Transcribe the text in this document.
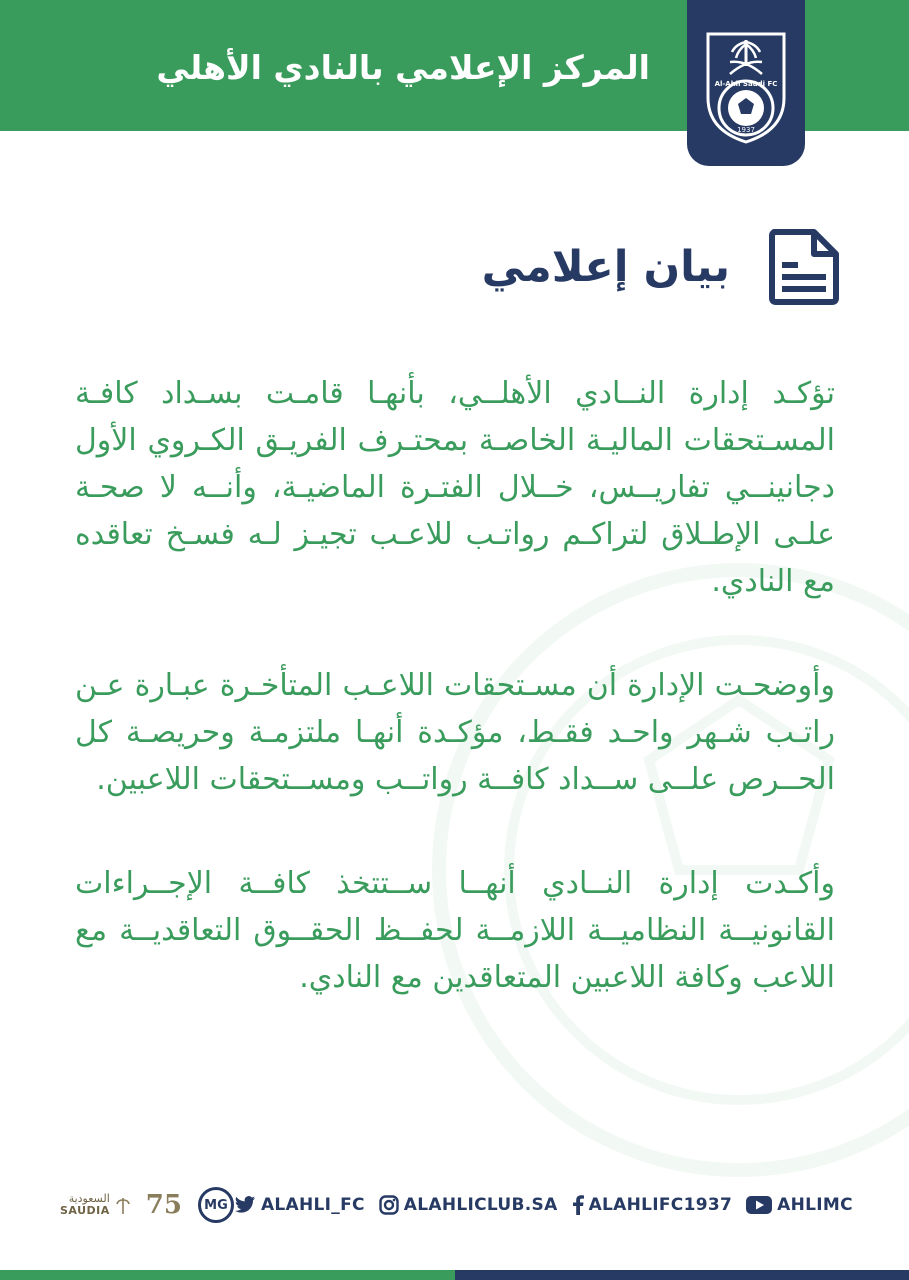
المركز الإعلامي بالنادي الأهلي	Al-Ahli Saudi FC
1937
بيان إعلامي

تؤكـد إدارة النــادي الأهلــي، بأنهـا قامـت بسـداد كافـة المسـتحقات الماليـة الخاصـة بمحتـرف الفريـق الكـروي الأول دجانينــي تفاريــس، خــلال الفتـرة الماضيـة، وأنــه لا صحـة علـى الإطـلاق لتراكـم رواتـب للاعـب تجيـز لـه فسـخ تعاقده مع النادي.

وأوضحـت الإدارة أن مسـتحقات اللاعـب المتأخـرة عبـارة عـن راتـب شـهر واحـد فقـط، مؤكـدة أنهـا ملتزمـة وحريصـة كل الحــرص علــى ســداد كافــة رواتــب ومســتحقات اللاعبين.

وأكـدت إدارة النــادي أنهــا ســتتخذ كافــة الإجــراءات القانونيــة النظاميــة اللازمــة لحفــظ الحقــوق التعاقديــة مع اللاعب وكافة اللاعبين المتعاقدين مع النادي.

السعودية
SAUDIA 75 MG ALAHLI_FC ALAHLICLUB.SA ALAHLIFC1937	AHLIMC
